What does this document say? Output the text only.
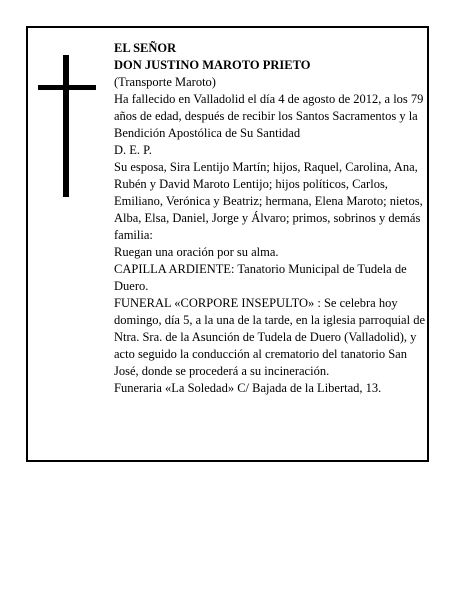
EL SEÑOR
DON JUSTINO MAROTO PRIETO
(Transporte Maroto)
Ha fallecido en Valladolid el día 4 de agosto de 2012, a los 79 años de edad, después de recibir los Santos Sacramentos y la Bendición Apostólica de Su Santidad
D. E. P.
Su esposa, Sira Lentijo Martín; hijos, Raquel, Carolina, Ana, Rubén y David Maroto Lentijo; hijos políticos, Carlos, Emiliano, Verónica y Beatriz; hermana, Elena Maroto; nietos, Alba, Elsa, Daniel, Jorge y Álvaro; primos, sobrinos y demás familia:
Ruegan una oración por su alma.
CAPILLA ARDIENTE: Tanatorio Municipal de Tudela de Duero.
FUNERAL «CORPORE INSEPULTO» : Se celebra hoy domingo, día 5, a la una de la tarde, en la iglesia parroquial de Ntra. Sra. de la Asunción de Tudela de Duero (Valladolid), y acto seguido la conducción al crematorio del tanatorio San José, donde se procederá a su incineración.
Funeraria «La Soledad» C/ Bajada de la Libertad, 13.
